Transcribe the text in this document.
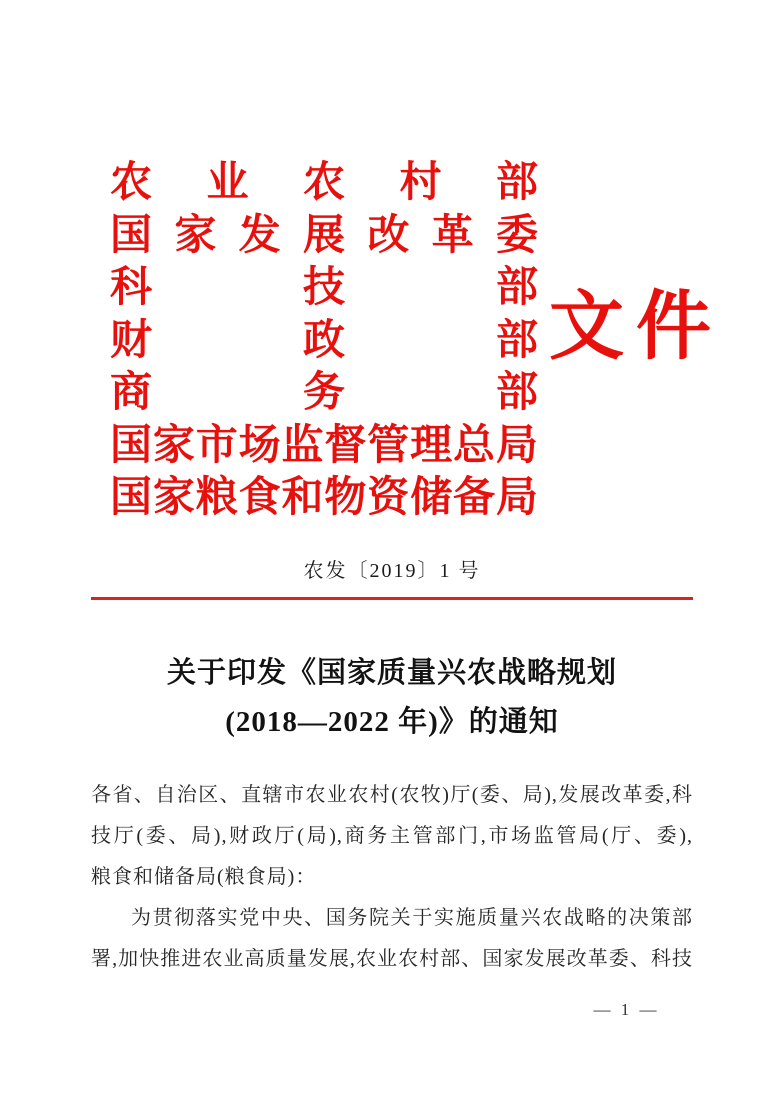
农 业 农 村 部
国 家 发 展 改 革 委
科	技	部
财	政	部
商	务	部
国 家 市 场 监 督 管 理 总 局
国 家 粮 食 和 物 资 储 备 局
文件
农发〔2019〕1 号
关于印发《国家质量兴农战略规划
(2018—2022 年)》的通知
各省、自治区、直辖市农业农村(农牧)厅(委、局),发展改革委,科
技厅(委、局),财政厅(局),商务主管部门,市场监管局(厅、委),
粮食和储备局(粮食局)：
为贯彻落实党中央、国务院关于实施质量兴农战略的决策部
署,加快推进农业高质量发展,农业农村部、国家发展改革委、科技
— 1 —
